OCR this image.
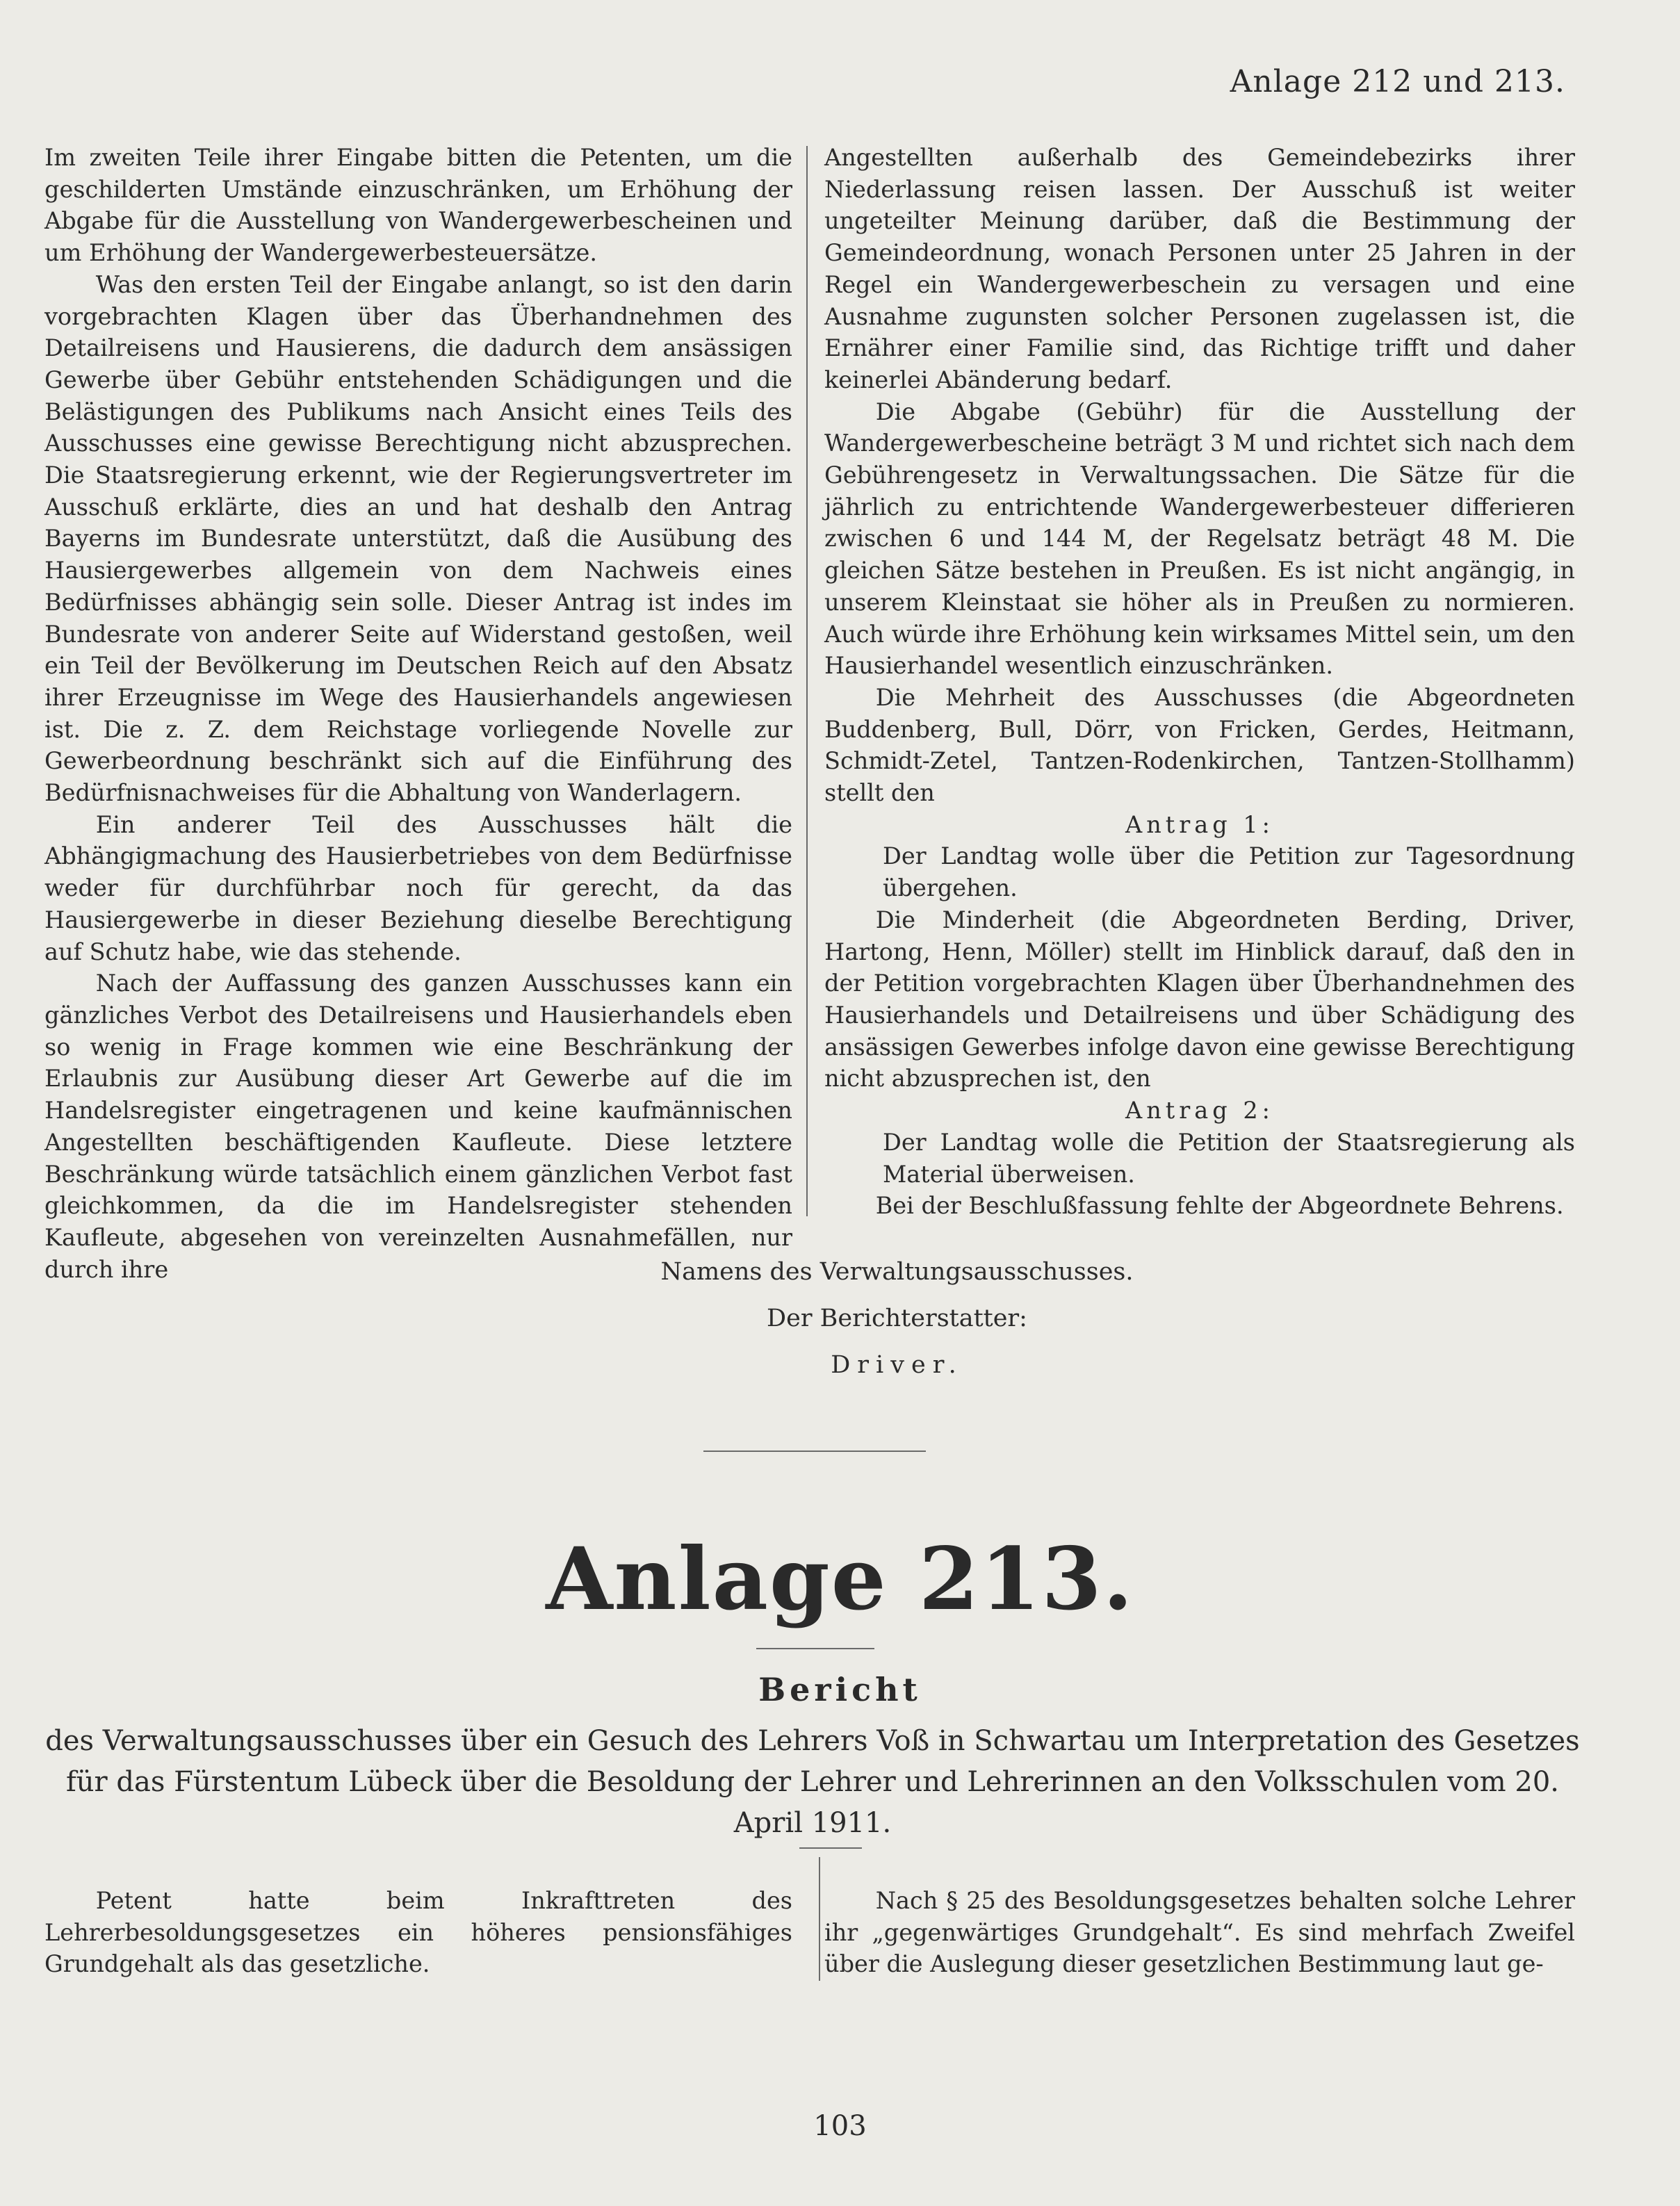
Anlage 212 und 213.

Im zweiten Teile ihrer Eingabe bitten die Petenten, um die geschilderten Umstände einzuschränken, um Erhöhung der Abgabe für die Ausstellung von Wandergewerbescheinen und um Erhöhung der Wandergewerbesteuersätze.

Was den ersten Teil der Eingabe anlangt, so ist den darin vorgebrachten Klagen über das Überhandnehmen des Detailreisens und Hausierens, die dadurch dem ansässigen Gewerbe über Gebühr entstehenden Schädigungen und die Belästigungen des Publikums nach Ansicht eines Teils des Ausschusses eine gewisse Berechtigung nicht abzusprechen. Die Staatsregierung erkennt, wie der Regierungsvertreter im Ausschuß erklärte, dies an und hat deshalb den Antrag Bayerns im Bundesrate unterstützt, daß die Ausübung des Hausiergewerbes allgemein von dem Nachweis eines Bedürfnisses abhängig sein solle. Dieser Antrag ist indes im Bundesrate von anderer Seite auf Widerstand gestoßen, weil ein Teil der Bevölkerung im Deutschen Reich auf den Absatz ihrer Erzeugnisse im Wege des Hausierhandels angewiesen ist. Die z. Z. dem Reichstage vorliegende Novelle zur Gewerbeordnung beschränkt sich auf die Einführung des Bedürfnisnachweises für die Abhaltung von Wanderlagern.

Ein anderer Teil des Ausschusses hält die Abhängigmachung des Hausierbetriebes von dem Bedürfnisse weder für durchführbar noch für gerecht, da das Hausiergewerbe in dieser Beziehung dieselbe Berechtigung auf Schutz habe, wie das stehende.

Nach der Auffassung des ganzen Ausschusses kann ein gänzliches Verbot des Detailreisens und Hausierhandels eben so wenig in Frage kommen wie eine Beschränkung der Erlaubnis zur Ausübung dieser Art Gewerbe auf die im Handelsregister eingetragenen und keine kaufmännischen Angestellten beschäftigenden Kaufleute. Diese letztere Beschränkung würde tatsächlich einem gänzlichen Verbot fast gleichkommen, da die im Handelsregister stehenden Kaufleute, abgesehen von vereinzelten Ausnahmefällen, nur durch ihre

Angestellten außerhalb des Gemeindebezirks ihrer Niederlassung reisen lassen. Der Ausschuß ist weiter ungeteilter Meinung darüber, daß die Bestimmung der Gemeindeordnung, wonach Personen unter 25 Jahren in der Regel ein Wandergewerbeschein zu versagen und eine Ausnahme zugunsten solcher Personen zugelassen ist, die Ernährer einer Familie sind, das Richtige trifft und daher keinerlei Abänderung bedarf.

Die Abgabe (Gebühr) für die Ausstellung der Wandergewerbescheine beträgt 3 M und richtet sich nach dem Gebührengesetz in Verwaltungssachen. Die Sätze für die jährlich zu entrichtende Wandergewerbesteuer differieren zwischen 6 und 144 M, der Regelsatz beträgt 48 M. Die gleichen Sätze bestehen in Preußen. Es ist nicht angängig, in unserem Kleinstaat sie höher als in Preußen zu normieren. Auch würde ihre Erhöhung kein wirksames Mittel sein, um den Hausierhandel wesentlich einzuschränken.

Die Mehrheit des Ausschusses (die Abgeordneten Buddenberg, Bull, Dörr, von Fricken, Gerdes, Heitmann, Schmidt-Zetel, Tantzen-Rodenkirchen, Tantzen-Stollhamm) stellt den

Antrag 1:

Der Landtag wolle über die Petition zur Tagesordnung übergehen.

Die Minderheit (die Abgeordneten Berding, Driver, Hartong, Henn, Möller) stellt im Hinblick darauf, daß den in der Petition vorgebrachten Klagen über Überhandnehmen des Hausierhandels und Detailreisens und über Schädigung des ansässigen Gewerbes infolge davon eine gewisse Berechtigung nicht abzusprechen ist, den

Antrag 2:

Der Landtag wolle die Petition der Staatsregierung als Material überweisen.

Bei der Beschlußfassung fehlte der Abgeordnete Behrens.

Namens des Verwaltungsausschusses.
Der Berichterstatter:
Driver.
Anlage 213.
Bericht
des Verwaltungsausschusses über ein Gesuch des Lehrers Voß in Schwartau um Interpretation des Gesetzes für das Fürstentum Lübeck über die Besoldung der Lehrer und Lehrerinnen an den Volksschulen vom 20. April 1911.

Petent hatte beim Inkrafttreten des Lehrerbesoldungsgesetzes ein höheres pensionsfähiges Grundgehalt als das gesetzliche.

Nach § 25 des Besoldungsgesetzes behalten solche Lehrer ihr „gegenwärtiges Grundgehalt“. Es sind mehrfach Zweifel über die Auslegung dieser gesetzlichen Bestimmung laut ge-

103
